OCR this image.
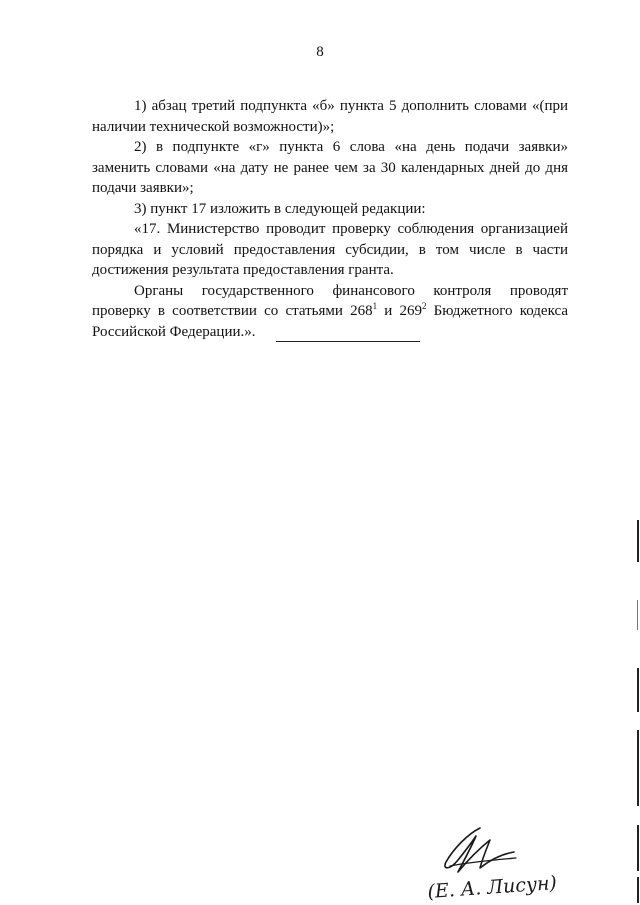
8

1) абзац третий подпункта «б» пункта 5 дополнить словами «(при наличии технической возможности)»;

2) в подпункте «г» пункта 6 слова «на день подачи заявки» заменить словами «на дату не ранее чем за 30 календарных дней до дня подачи заявки»;

3) пункт 17 изложить в следующей редакции:

«17. Министерство проводит проверку соблюдения организацией порядка и условий предоставления субсидии, в том числе в части достижения результата предоставления гранта.

Органы государственного финансового контроля проводят проверку в соответствии со статьями $268^1$ и $269^2$ Бюджетного кодекса Российской Федерации.».

(Е. А. Лисун)
